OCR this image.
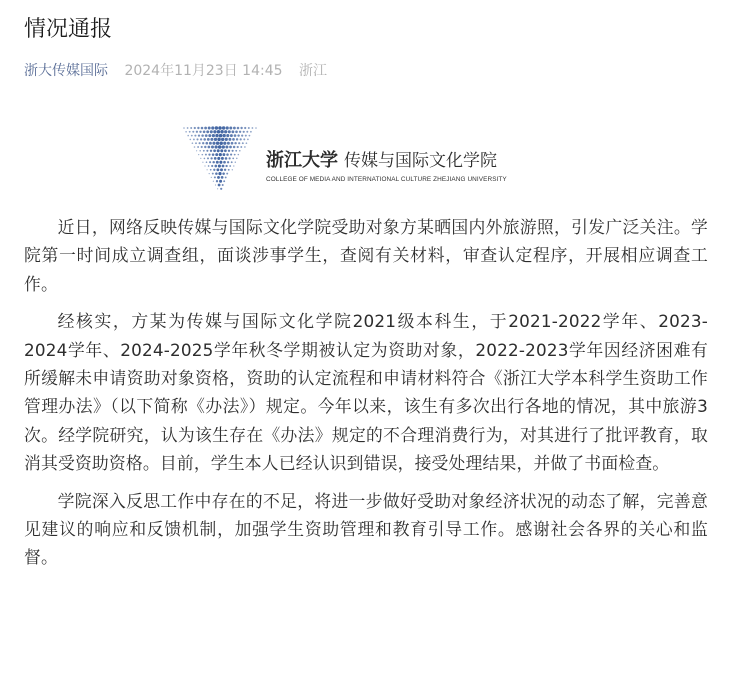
情况通报
浙大传媒国际 2024年11月23日 14:45 浙江
浙江大学 传媒与国际文化学院
COLLEGE OF MEDIA AND INTERNATIONAL CULTURE ZHEJIANG UNIVERSITY

近日，网络反映传媒与国际文化学院受助对象方某晒国内外旅游照，引发广泛关注。学院第一时间成立调查组，面谈涉事学生，查阅有关材料，审查认定程序，开展相应调查工作。

经核实，方某为传媒与国际文化学院2021级本科生，于2021-2022学年、2023-2024学年、2024-2025学年秋冬学期被认定为资助对象，2022-2023学年因经济困难有所缓解未申请资助对象资格，资助的认定流程和申请材料符合《浙江大学本科学生资助工作管理办法》（以下简称《办法》）规定。今年以来，该生有多次出行各地的情况，其中旅游3次。经学院研究，认为该生存在《办法》规定的不合理消费行为，对其进行了批评教育，取消其受资助资格。目前，学生本人已经认识到错误，接受处理结果，并做了书面检查。

学院深入反思工作中存在的不足，将进一步做好受助对象经济状况的动态了解，完善意见建议的响应和反馈机制，加强学生资助管理和教育引导工作。感谢社会各界的关心和监督。
